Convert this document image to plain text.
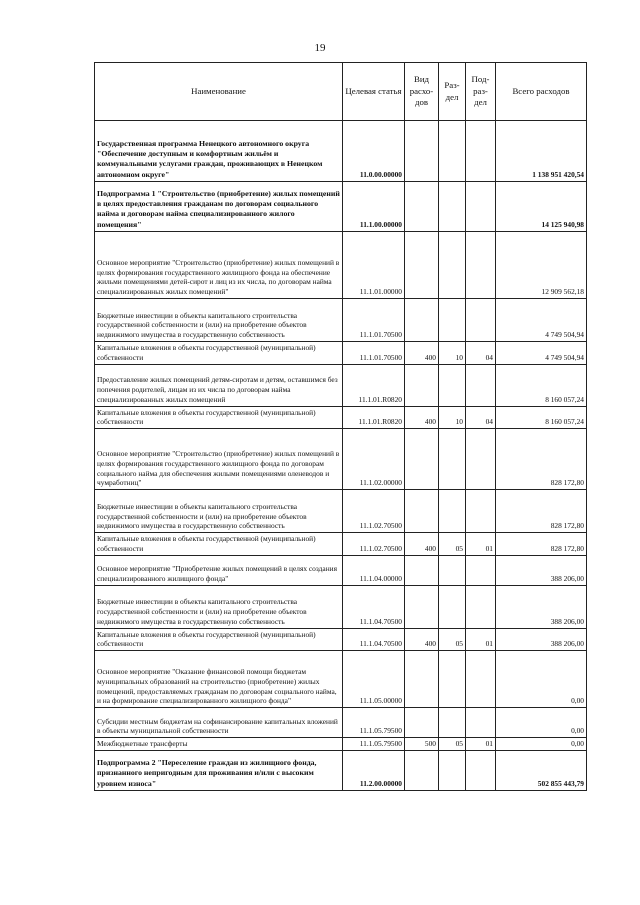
19
Наименование	Целевая статья	Вид расхо-дов	Раз-дел	Под-раз-дел	Всего расходов
Государственная программа Ненецкого автономного округа "Обеспечение доступным и комфортным жильём и коммунальными услугами граждан, проживающих в Ненецком автономном округе"	11.0.00.00000				1 138 951 420,54
Подпрограмма 1 "Строительство (приобретение) жилых помещений в целях предоставления гражданам по договорам социального найма и договорам найма специализированного жилого помещения"	11.1.00.00000				14 125 940,98
Основное мероприятие "Строительство (приобретение) жилых помещений в целях формирования государственного жилищного фонда на обеспечение жильми помещениями детей-сирот и лиц из их числа, по договорам найма специализированных жилых помещений"	11.1.01.00000				12 909 562,18
Бюджетные инвестиции в объекты капитального строительства государственной собственности и (или) на приобретение объектов недвижимого имущества в государственную собственность	11.1.01.70500				4 749 504,94
Капитальные вложения в объекты государственной (муниципальной) собственности	11.1.01.70500	400	10	04	4 749 504,94
Предоставление жилых помещений детям-сиротам и детям, оставшимся без попечения родителей, лицам из их числа по договорам найма специализированных жилых помещений	11.1.01.R0820				8 160 057,24
Капитальные вложения в объекты государственной (муниципальной) собственности	11.1.01.R0820	400	10	04	8 160 057,24
Основное мероприятие "Строительство (приобретение) жилых помещений в целях формирования государственного жилищного фонда по договорам социального найма для обеспечения жилыми помещениями оленеводов и чумработниц"	11.1.02.00000				828 172,80
Бюджетные инвестиции в объекты капитального строительства государственной собственности и (или) на приобретение объектов недвижимого имущества в государственную собственность	11.1.02.70500				828 172,80
Капитальные вложения в объекты государственной (муниципальной) собственности	11.1.02.70500	400	05	01	828 172,80
Основное мероприятие "Приобретение жилых помещений в целях создания специализированного жилищного фонда"	11.1.04.00000				388 206,00
Бюджетные инвестиции в объекты капитального строительства государственной собственности и (или) на приобретение объектов недвижимого имущества в государственную собственность	11.1.04.70500				388 206,00
Капитальные вложения в объекты государственной (муниципальной) собственности	11.1.04.70500	400	05	01	388 206,00
Основное мероприятие "Оказание финансовой помощи бюджетам муниципальных образований на строительство (приобретение) жилых помещений, предоставляемых гражданам по договорам социального найма, и на формирование специализированного жилищного фонда"	11.1.05.00000				0,00
Субсидии местным бюджетам на софинансирование капитальных вложений в объекты муниципальной собственности	11.1.05.79500				0,00
Межбюджетные трансферты	11.1.05.79500	500	05	01	0,00
Подпрограмма 2 "Переселение граждан из жилищного фонда, признанного непригодным для проживания и/или с высоким уровнем износа"	11.2.00.00000				502 855 443,79
